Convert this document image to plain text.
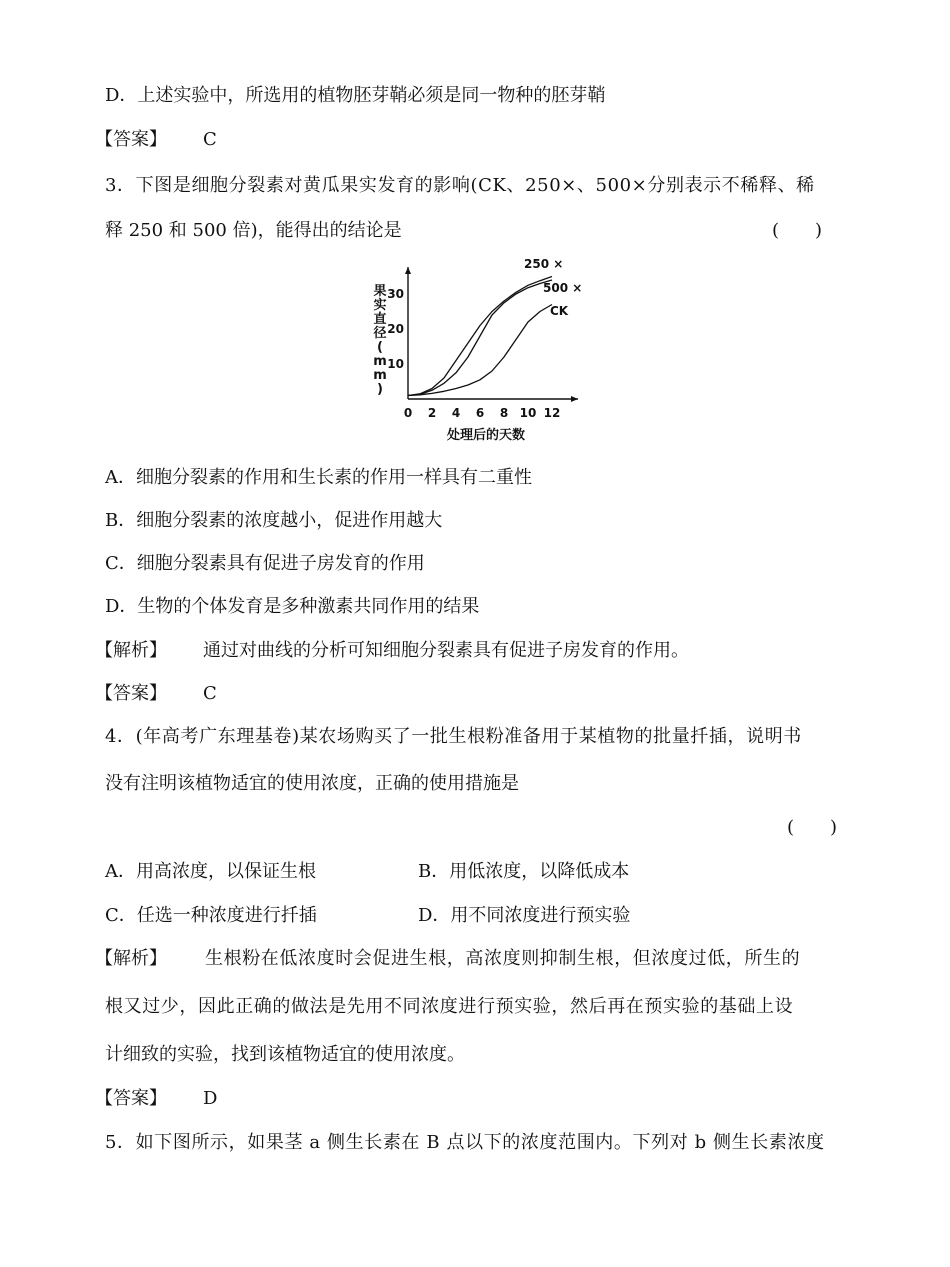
D．上述实验中，所选用的植物胚芽鞘必须是同一物种的胚芽鞘
【答案】 C
3．下图是细胞分裂素对黄瓜果实发育的影响(CK、250×、500×分别表示不稀释、稀
释 250 和 500 倍)，能得出的结论是	(　　)
0 2 4 6 8 10 12
10
20
30
250 ×
500 ×
CK
果
实
直
径
(
m
m
)
处理后的天数
A．细胞分裂素的作用和生长素的作用一样具有二重性
B．细胞分裂素的浓度越小，促进作用越大
C．细胞分裂素具有促进子房发育的作用
D．生物的个体发育是多种激素共同作用的结果
【解析】 通过对曲线的分析可知细胞分裂素具有促进子房发育的作用。
【答案】 C
4．(年高考广东理基卷)某农场购买了一批生根粉准备用于某植物的批量扦插，说明书
没有注明该植物适宜的使用浓度，正确的使用措施是
(　　)
A．用高浓度，以保证生根	B．用低浓度，以降低成本
C．任选一种浓度进行扦插	D．用不同浓度进行预实验
【解析】 生根粉在低浓度时会促进生根，高浓度则抑制生根，但浓度过低，所生的
根又过少，因此正确的做法是先用不同浓度进行预实验，然后再在预实验的基础上设
计细致的实验，找到该植物适宜的使用浓度。
【答案】 D
5．如下图所示，如果茎 a 侧生长素在 B 点以下的浓度范围内。下列对 b 侧生长素浓度
